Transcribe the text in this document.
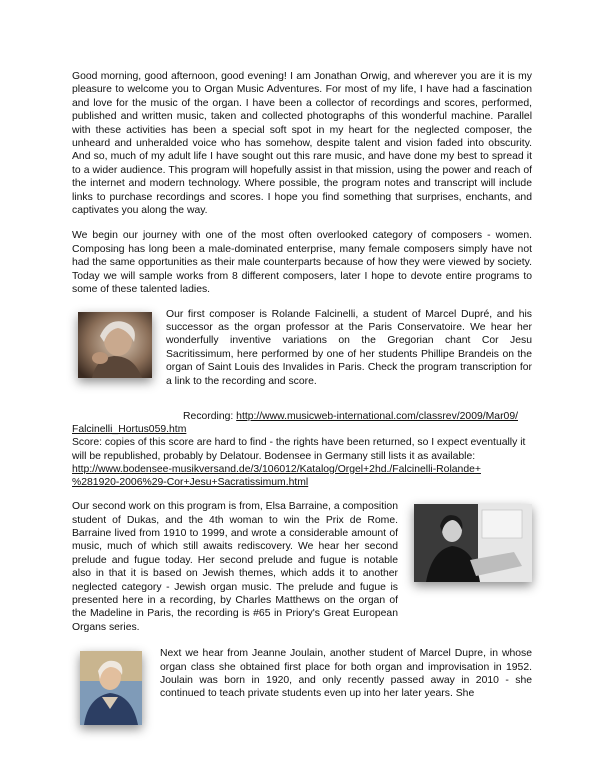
Good morning, good afternoon, good evening! I am Jonathan Orwig, and wherever you are it is my pleasure to welcome you to Organ Music Adventures. For most of my life, I have had a fascination and love for the music of the organ. I have been a collector of recordings and scores, performed, published and written music, taken and collected photographs of this wonderful machine. Parallel with these activities has been a special soft spot in my heart for the neglected composer, the unheard and unheralded voice who has somehow, despite talent and vision faded into obscurity. And so, much of my adult life I have sought out this rare music, and have done my best to spread it to a wider audience. This program will hopefully assist in that mission, using the power and reach of the internet and modern technology. Where possible, the program notes and transcript will include links to purchase recordings and scores. I hope you find something that surprises, enchants, and captivates you along the way.

We begin our journey with one of the most often overlooked category of composers - women. Composing has long been a male-dominated enterprise, many female composers simply have not had the same opportunities as their male counterparts because of how they were viewed by society. Today we will sample works from 8 different composers, later I hope to devote entire programs to some of these talented ladies.

Our first composer is Rolande Falcinelli, a student of Marcel Dupré, and his successor as the organ professor at the Paris Conservatoire. We hear her wonderfully inventive variations on the Gregorian chant Cor Jesu Sacritissimum, here performed by one of her students Phillipe Brandeis on the organ of Saint Louis des Invalides in Paris. Check the program transcription for a link to the recording and score.

Recording: http://www.musicweb-international.com/classrev/2009/Mar09/
Falcinelli_Hortus059.htm
Score: copies of this score are hard to find - the rights have been returned, so I expect eventually it will be republished, probably by Delatour. Bodensee in Germany still lists it as available:
http://www.bodensee-musikversand.de/3/106012/Katalog/Orgel+2hd./Falcinelli-Rolande+
%281920-2006%29-Cor+Jesu+Sacratissimum.html

Our second work on this program is from, Elsa Barraine, a composition student of Dukas, and the 4th woman to win the Prix de Rome. Barraine lived from 1910 to 1999, and wrote a considerable amount of music, much of which still awaits rediscovery. We hear her second prelude and fugue today. Her second prelude and fugue is notable also in that it is based on Jewish themes, which adds it to another neglected category - Jewish organ music. The prelude and fugue is presented here in a recording, by Charles Matthews on the organ of the Madeline in Paris, the recording is #65 in Priory's Great European Organs series.

Next we hear from Jeanne Joulain, another student of Marcel Dupre, in whose organ class she obtained first place for both organ and improvisation in 1952. Joulain was born in 1920, and only recently passed away in 2010 - she continued to teach private students even up into her later years. She
